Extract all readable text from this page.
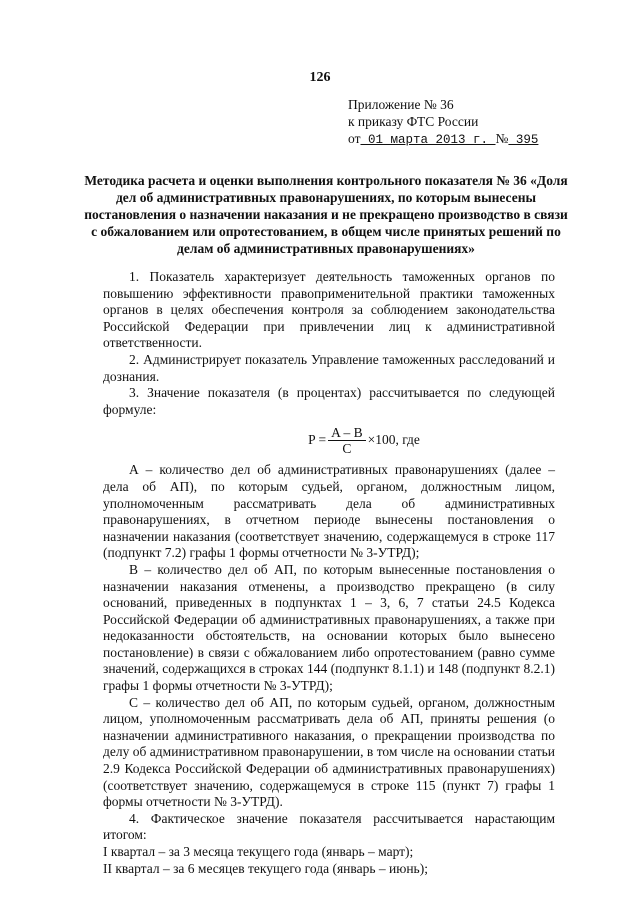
126
Приложение № 36
к приказу ФТС России
от 01 марта 2013 г. № 395
Методика расчета и оценки выполнения контрольного показателя № 36 «Доля дел об административных правонарушениях, по которым вынесены постановления о назначении наказания и не прекращено производство в связи с обжалованием или опротестованием, в общем числе принятых решений по делам об административных правонарушениях»

1. Показатель характеризует деятельность таможенных органов по повышению эффективности правоприменительной практики таможенных органов в целях обеспечения контроля за соблюдением законодательства Российской Федерации при привлечении лиц к административной ответственности.

2. Администрирует показатель Управление таможенных расследований и дознания.

3. Значение показателя (в процентах) рассчитывается по следующей формуле:

$P = \frac{A - B}{C} \times 100$, где

А – количество дел об административных правонарушениях (далее – дела об АП), по которым судьей, органом, должностным лицом, уполномоченным рассматривать дела об административных правонарушениях, в отчетном периоде вынесены постановления о назначении наказания (соответствует значению, содержащемуся в строке 117 (подпункт 7.2) графы 1 формы отчетности № 3-УТРД);

В – количество дел об АП, по которым вынесенные постановления о назначении наказания отменены, а производство прекращено (в силу оснований, приведенных в подпунктах 1 – 3, 6, 7 статьи 24.5 Кодекса Российской Федерации об административных правонарушениях, а также при недоказанности обстоятельств, на основании которых было вынесено постановление) в связи с обжалованием либо опротестованием (равно сумме значений, содержащихся в строках 144 (подпункт 8.1.1) и 148 (подпункт 8.2.1) графы 1 формы отчетности № 3-УТРД);

С – количество дел об АП, по которым судьей, органом, должностным лицом, уполномоченным рассматривать дела об АП, приняты решения (о назначении административного наказания, о прекращении производства по делу об административном правонарушении, в том числе на основании статьи 2.9 Кодекса Российской Федерации об административных правонарушениях) (соответствует значению, содержащемуся в строке 115 (пункт 7) графы 1 формы отчетности № 3-УТРД).

4. Фактическое значение показателя рассчитывается нарастающим итогом:

I квартал – за 3 месяца текущего года (январь – март);

II квартал – за 6 месяцев текущего года (январь – июнь);
